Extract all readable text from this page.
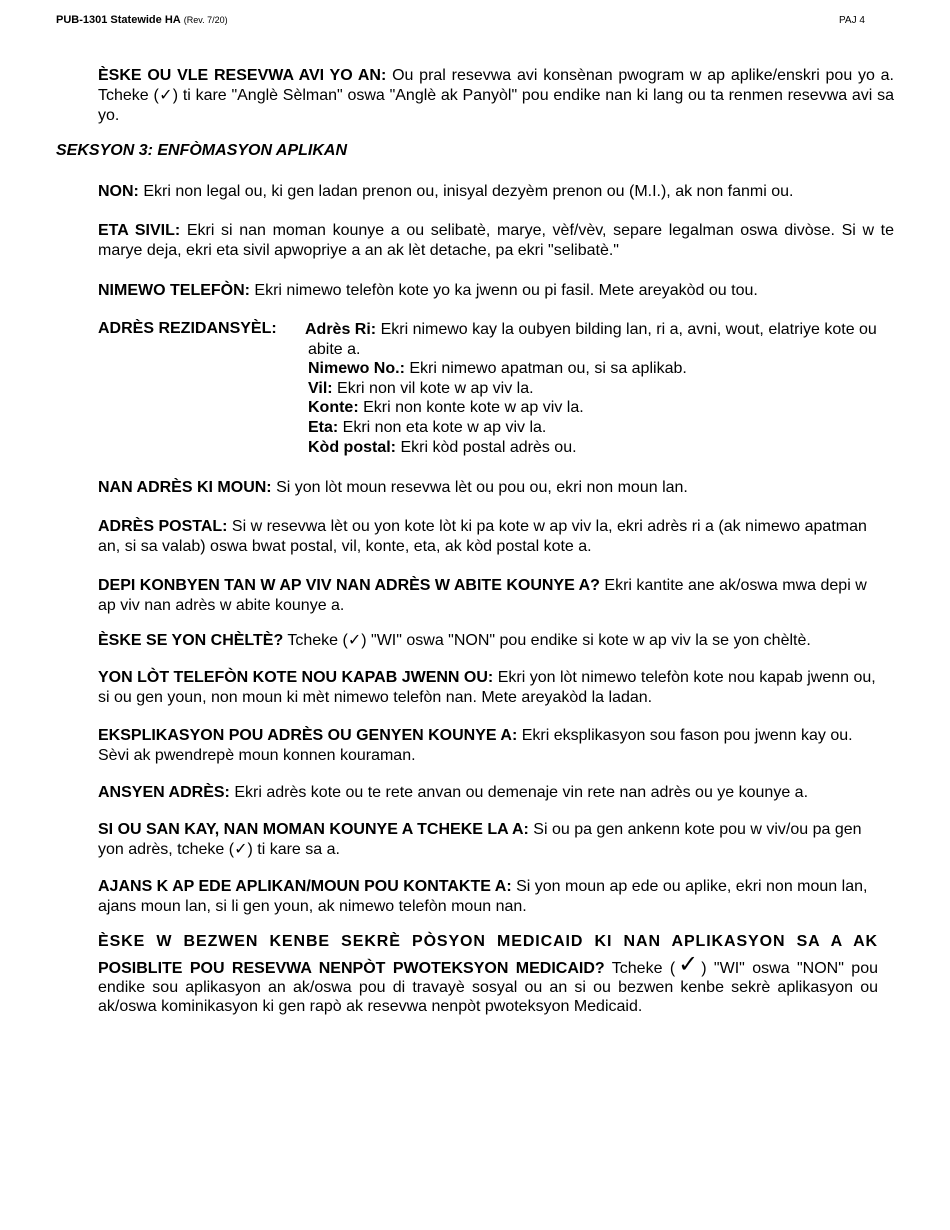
PUB-1301 Statewide HA (Rev. 7/20)	PAJ 4
ÈSKE OU VLE RESEVWA AVI YO AN: Ou pral resevwa avi konsènan pwogram w ap aplike/enskri pou yo a. Tcheke (✓) ti kare "Anglè Sèlman" oswa "Anglè ak Panyòl" pou endike nan ki lang ou ta renmen resevwa avi sa yo.
SEKSYON 3: ENFÒMASYON APLIKAN
NON: Ekri non legal ou, ki gen ladan prenon ou, inisyal dezyèm prenon ou (M.I.), ak non fanmi ou.
ETA SIVIL: Ekri si nan moman kounye a ou selibatè, marye, vèf/vèv, separe legalman oswa divòse. Si w te marye deja, ekri eta sivil apwopriye a an ak lèt detache, pa ekri "selibatè."
NIMEWO TELEFÒN: Ekri nimewo telefòn kote yo ka jwenn ou pi fasil. Mete areyakòd ou tou.
ADRÈS REZIDANSYÈL: Adrès Ri: Ekri nimewo kay la oubyen bilding lan, ri a, avni, wout, elatriye kote ou abite a.
Nimewo No.: Ekri nimewo apatman ou, si sa aplikab.
Vil: Ekri non vil kote w ap viv la.
Konte: Ekri non konte kote w ap viv la.
Eta: Ekri non eta kote w ap viv la.
Kòd postal: Ekri kòd postal adrès ou.
NAN ADRÈS KI MOUN: Si yon lòt moun resevwa lèt ou pou ou, ekri non moun lan.
ADRÈS POSTAL: Si w resevwa lèt ou yon kote lòt ki pa kote w ap viv la, ekri adrès ri a (ak nimewo apatman an, si sa valab) oswa bwat postal, vil, konte, eta, ak kòd postal kote a.
DEPI KONBYEN TAN W AP VIV NAN ADRÈS W ABITE KOUNYE A? Ekri kantite ane ak/oswa mwa depi w ap viv nan adrès w abite kounye a.
ÈSKE SE YON CHÈLTÈ? Tcheke (✓) "WI" oswa "NON" pou endike si kote w ap viv la se yon chèltè.
YON LÒT TELEFÒN KOTE NOU KAPAB JWENN OU: Ekri yon lòt nimewo telefòn kote nou kapab jwenn ou, si ou gen youn, non moun ki mèt nimewo telefòn nan. Mete areyakòd la ladan.
EKSPLIKASYON POU ADRÈS OU GENYEN KOUNYE A: Ekri eksplikasyon sou fason pou jwenn kay ou. Sèvi ak pwendrepè moun konnen kouraman.
ANSYEN ADRÈS: Ekri adrès kote ou te rete anvan ou demenaje vin rete nan adrès ou ye kounye a.
SI OU SAN KAY, NAN MOMAN KOUNYE A TCHEKE LA A: Si ou pa gen ankenn kote pou w viv/ou pa gen yon adrès, tcheke (✓) ti kare sa a.
AJANS K AP EDE APLIKAN/MOUN POU KONTAKTE A: Si yon moun ap ede ou aplike, ekri non moun lan, ajans moun lan, si li gen youn, ak nimewo telefòn moun nan.
ÈSKE W BEZWEN KENBE SEKRÈ PÒSYON MEDICAID KI NAN APLIKASYON SA A AK
POSIBLITE POU RESEVWA NENPÒT PWOTEKSYON MEDICAID? Tcheke (✓) "WI" oswa "NON" pou endike sou aplikasyon an ak/oswa pou di travayè sosyal ou an si ou bezwen kenbe sekrè aplikasyon ou ak/oswa kominikasyon ki gen rapò ak resevwa nenpòt pwoteksyon Medicaid.
